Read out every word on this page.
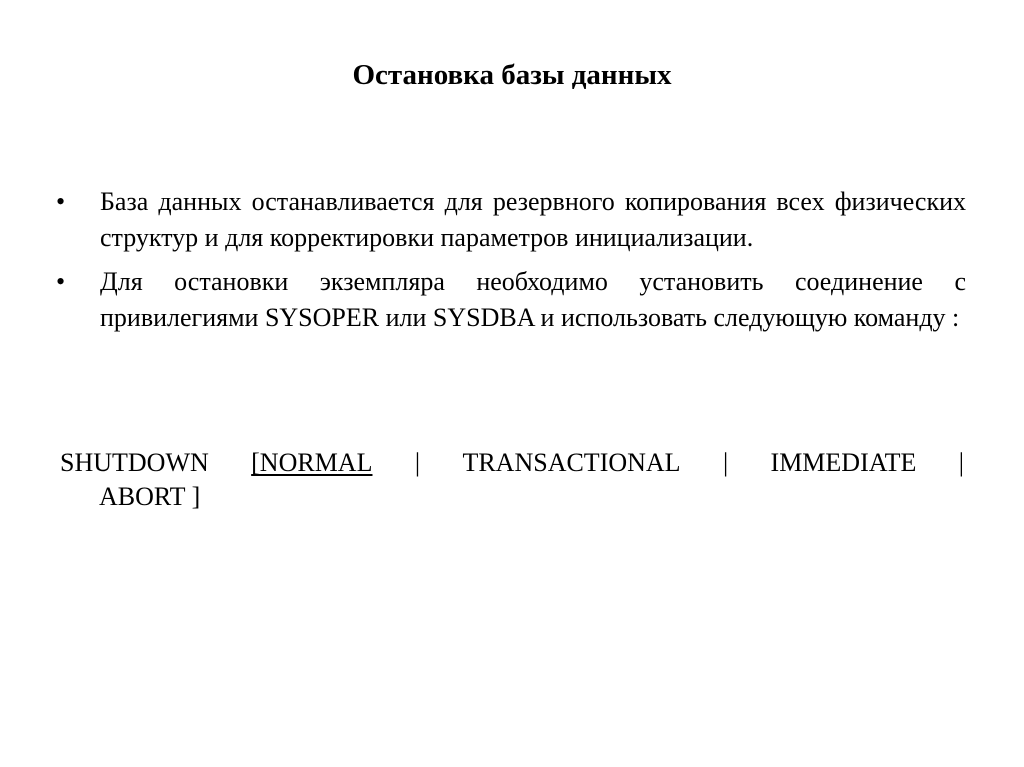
Остановка базы данных
•	База данных останавливается для резервного копирования всех физических структур и для корректировки параметров инициализации.
•	Для остановки экземпляра необходимо установить соединение с привилегиями SYSOPER или SYSDBA и использовать следующую команду :
SHUTDOWN [NORMAL | TRANSACTIONAL | IMMEDIATE |
ABORT ]
